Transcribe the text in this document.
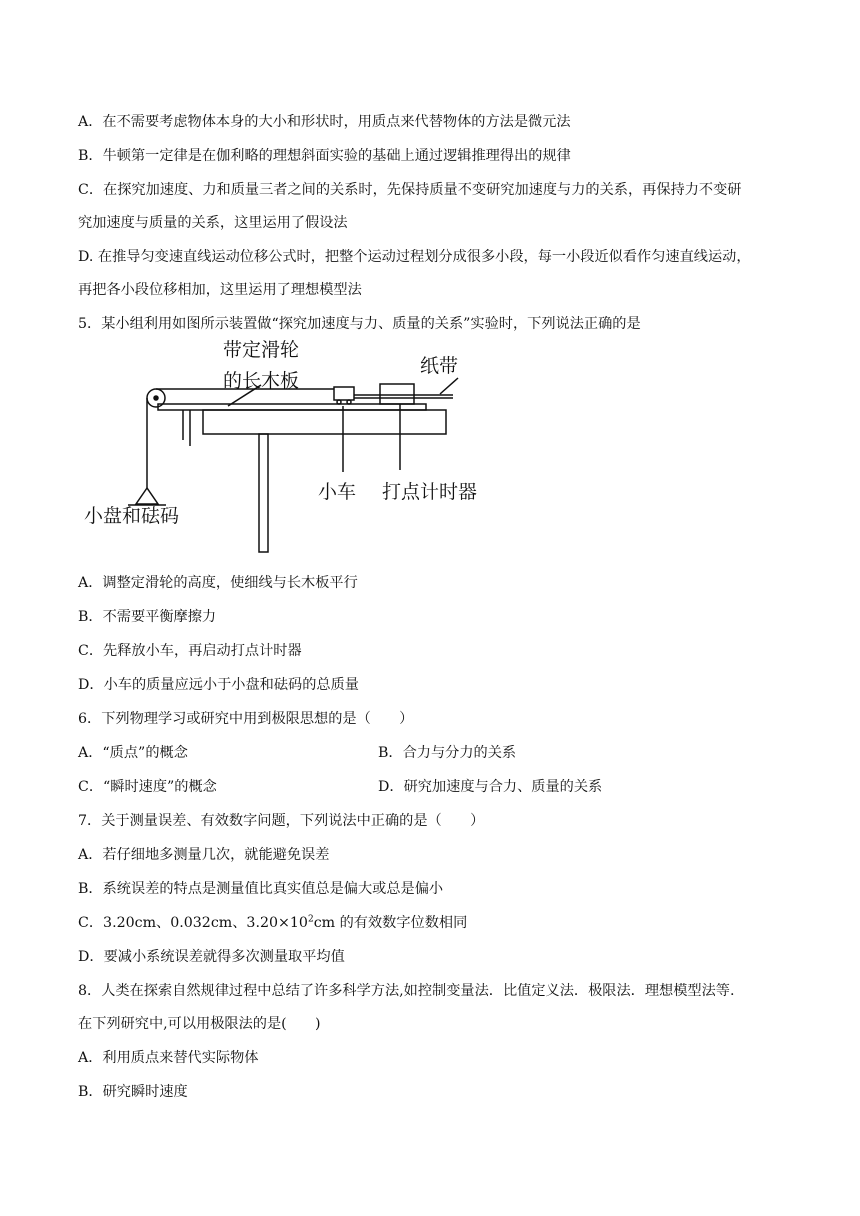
A．在不需要考虑物体本身的大小和形状时，用质点来代替物体的方法是微元法
B．牛顿第一定律是在伽利略的理想斜面实验的基础上通过逻辑推理得出的规律
C．在探究加速度、力和质量三者之间的关系时，先保持质量不变研究加速度与力的关系，再保持力不变研
究加速度与质量的关系，这里运用了假设法
D. 在推导匀变速直线运动位移公式时，把整个运动过程划分成很多小段，每一小段近似看作匀速直线运动，
再把各小段位移相加，这里运用了理想模型法
5．某小组利用如图所示装置做“探究加速度与力、质量的关系”实验时，下列说法正确的是
带定滑轮
的长木板
纸带
小车 打点计时器
小盘和砝码
A．调整定滑轮的高度，使细线与长木板平行
B．不需要平衡摩擦力
C．先释放小车，再启动打点计时器
D．小车的质量应远小于小盘和砝码的总质量
6．下列物理学习或研究中用到极限思想的是（　　）
A．“质点”的概念	B．合力与分力的关系
C．“瞬时速度”的概念	D．研究加速度与合力、质量的关系
7．关于测量误差、有效数字问题，下列说法中正确的是（　　）
A．若仔细地多测量几次，就能避免误差
B．系统误差的特点是测量值比真实值总是偏大或总是偏小
C．3.20cm、0.032cm、$3.20\times 10^2cm$ 的有效数字位数相同
D．要减小系统误差就得多次测量取平均值
8．人类在探索自然规律过程中总结了许多科学方法,如控制变量法．比值定义法．极限法．理想模型法等.
在下列研究中,可以用极限法的是(　　)
A．利用质点来替代实际物体
B．研究瞬时速度
